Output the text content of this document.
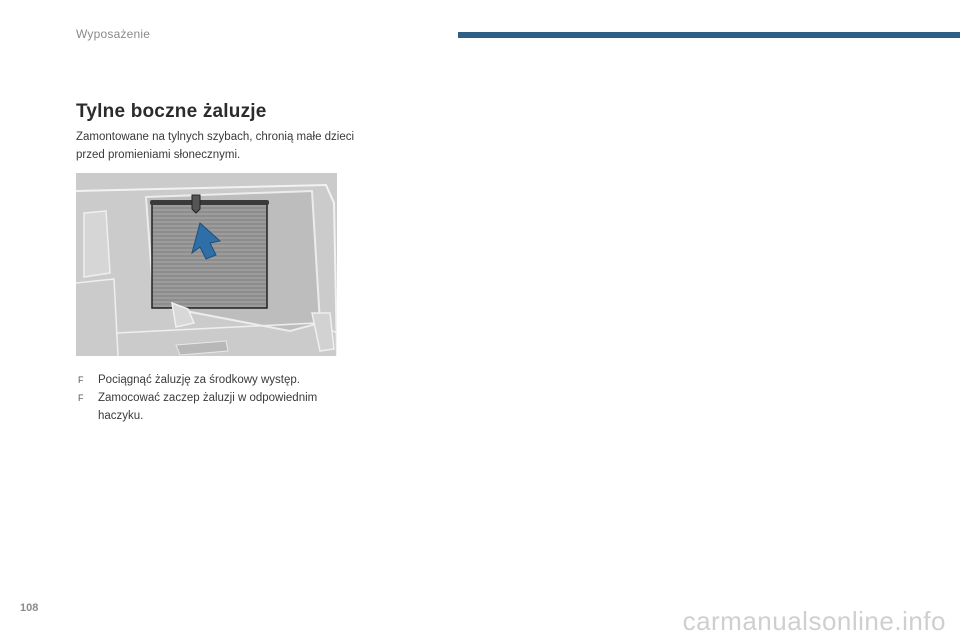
Wyposażenie
Tylne boczne żaluzje

Zamontowane na tylnych szybach, chronią małe dzieci przed promieniami słonecznymi.

F Pociągnąć żaluzję za środkowy występ.
F Zamocować zaczep żaluzji w odpowiednim haczyku.
108	carmanualsonline.info
